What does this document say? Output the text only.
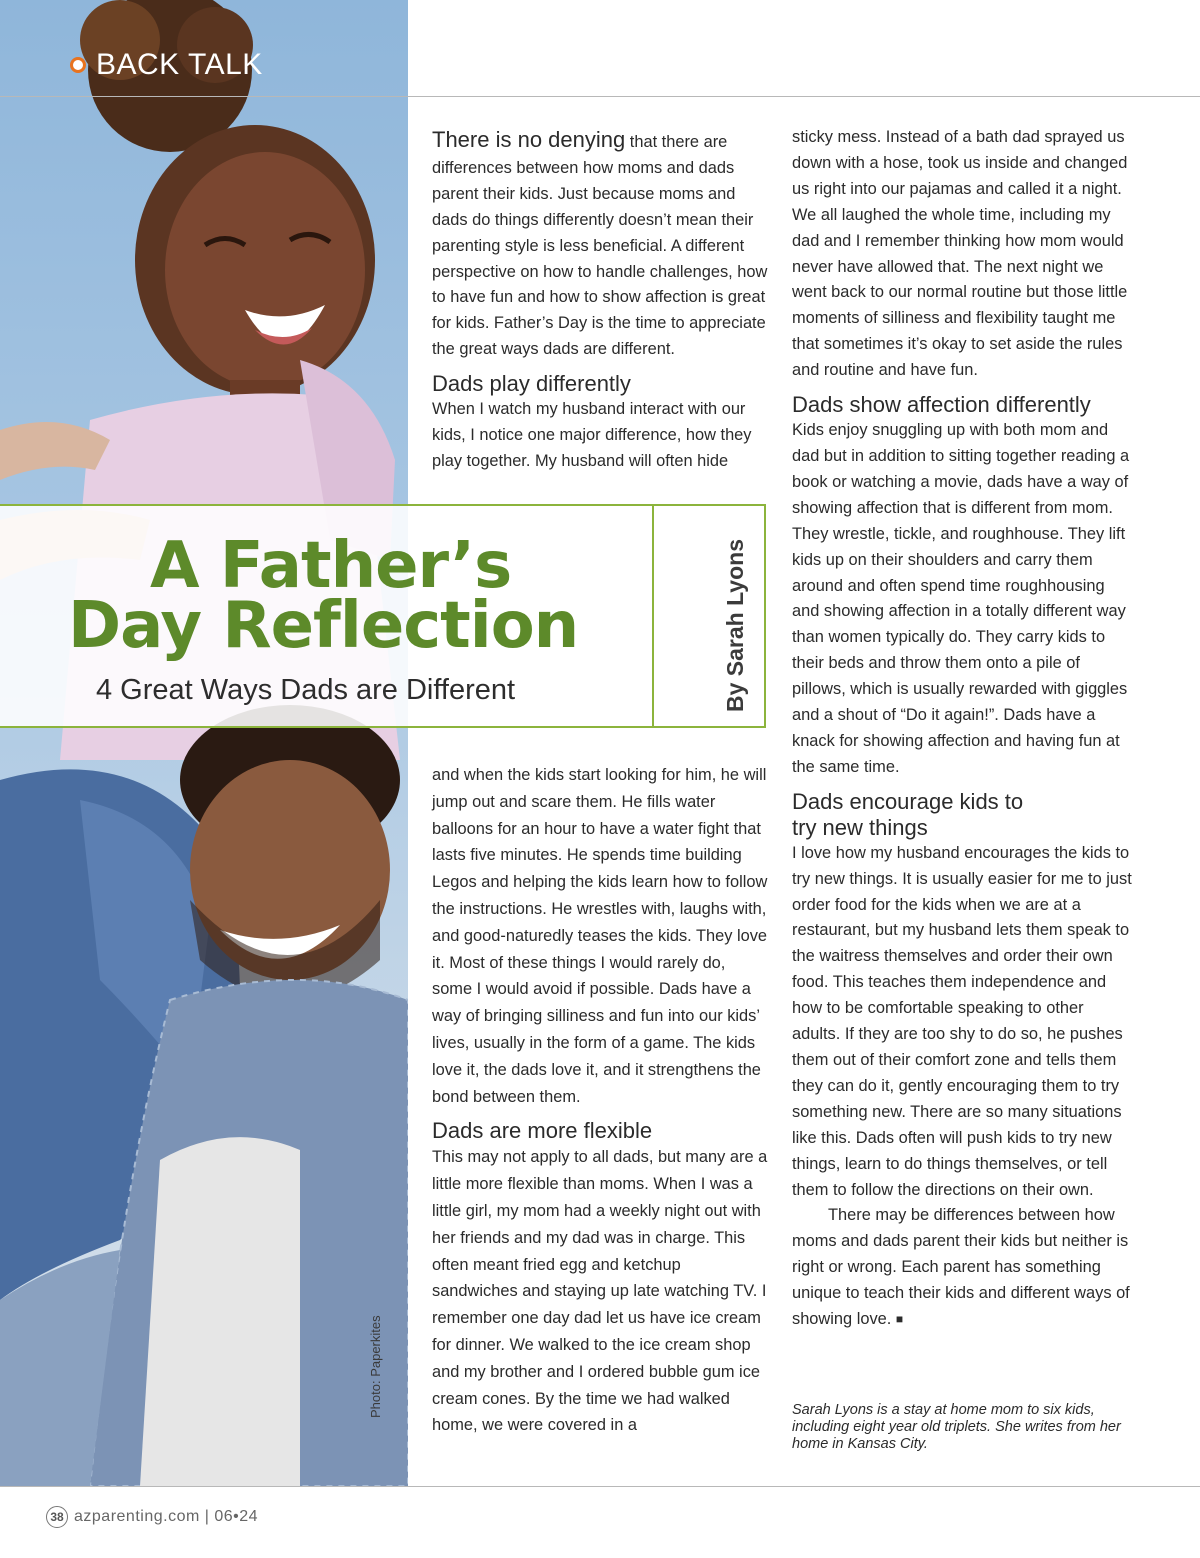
Photo: Paperkites
BACK TALK
A Father’s
Day Reflection
4 Great Ways Dads are Different	By Sarah Lyons

There is no denying that there are differences between how moms and dads parent their kids. Just because moms and dads do things differently doesn’t mean their parenting style is less beneficial. A different perspective on how to handle challenges, how to have fun and how to show affection is great for kids. Father’s Day is the time to appreciate the great ways dads are different.

Dads play differently

When I watch my husband interact with our kids, I notice one major difference, how they play together. My husband will often hide

and when the kids start looking for him, he will jump out and scare them. He fills water balloons for an hour to have a water fight that lasts five minutes. He spends time building Legos and helping the kids learn how to follow the instructions. He wrestles with, laughs with, and good-naturedly teases the kids. They love it. Most of these things I would rarely do, some I would avoid if possible. Dads have a way of bringing silliness and fun into our kids’ lives, usually in the form of a game. The kids love it, the dads love it, and it strengthens the bond between them.

Dads are more flexible

This may not apply to all dads, but many are a little more flexible than moms. When I was a little girl, my mom had a weekly night out with her friends and my dad was in charge. This often meant fried egg and ketchup sandwiches and staying up late watching TV. I remember one day dad let us have ice cream for dinner. We walked to the ice cream shop and my brother and I ordered bubble gum ice cream cones. By the time we had walked home, we were covered in a

sticky mess. Instead of a bath dad sprayed us down with a hose, took us inside and changed us right into our pajamas and called it a night. We all laughed the whole time, including my dad and I remember thinking how mom would never have allowed that. The next night we went back to our normal routine but those little moments of silliness and flexibility taught me that sometimes it’s okay to set aside the rules and routine and have fun.

Dads show affection differently

Kids enjoy snuggling up with both mom and dad but in addition to sitting together reading a book or watching a movie, dads have a way of showing affection that is different from mom. They wrestle, tickle, and roughhouse. They lift kids up on their shoulders and carry them around and often spend time roughhousing and showing affection in a totally different way than women typically do. They carry kids to their beds and throw them onto a pile of pillows, which is usually rewarded with giggles and a shout of “Do it again!”. Dads have a knack for showing affection and having fun at the same time.

Dads encourage kids to try new things

I love how my husband encourages the kids to try new things. It is usually easier for me to just order food for the kids when we are at a restaurant, but my husband lets them speak to the waitress themselves and order their own food. This teaches them independence and how to be comfortable speaking to other adults. If they are too shy to do so, he pushes them out of their comfort zone and tells them they can do it, gently encouraging them to try something new. There are so many situations like this. Dads often will push kids to try new things, learn to do things themselves, or tell them to follow the directions on their own.

There may be differences between how moms and dads parent their kids but neither is right or wrong. Each parent has something unique to teach their kids and different ways of showing love. ■

Sarah Lyons is a stay at home mom to six kids, including eight year old triplets. She writes from her home in Kansas City.
38 azparenting.com | 06•24
